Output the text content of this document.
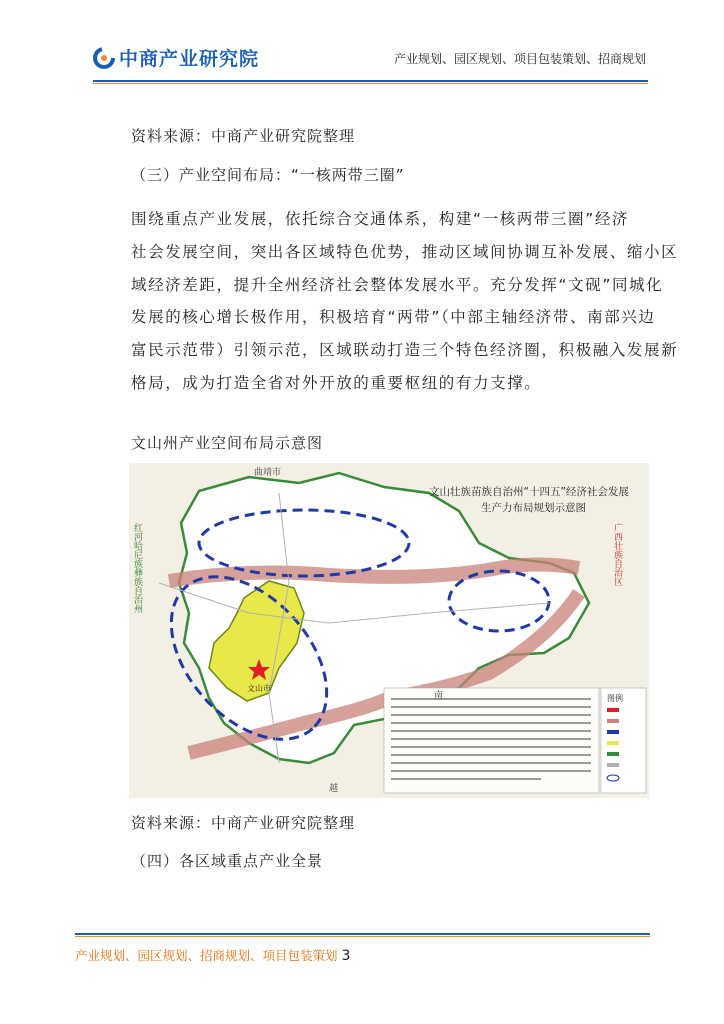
中商产业研究院	产业规划、园区规划、项目包装策划、招商规划
资料来源：中商产业研究院整理
（三）产业空间布局：“一核两带三圈”
围绕重点产业发展，依托综合交通体系，构建“一核两带三圈”经济
社会发展空间，突出各区域特色优势，推动区域间协调互补发展、缩小区
域经济差距，提升全州经济社会整体发展水平。充分发挥“文砚”同城化
发展的核心增长极作用，积极培育“两带”（中部主轴经济带、南部兴边
富民示范带）引领示范，区域联动打造三个特色经济圈，积极融入发展新
格局，成为打造全省对外开放的重要枢纽的有力支撑。
文山州产业空间布局示意图
文山壮族苗族自治州“十四五”经济社会发展
生产力布局规划示意图
曲靖市
文山市
越
南	图例
红河哈尼族彝族自治州	广西壮族自治区
资料来源：中商产业研究院整理
（四）各区域重点产业全景
产业规划、园区规划、招商规划、项目包装策划 3
